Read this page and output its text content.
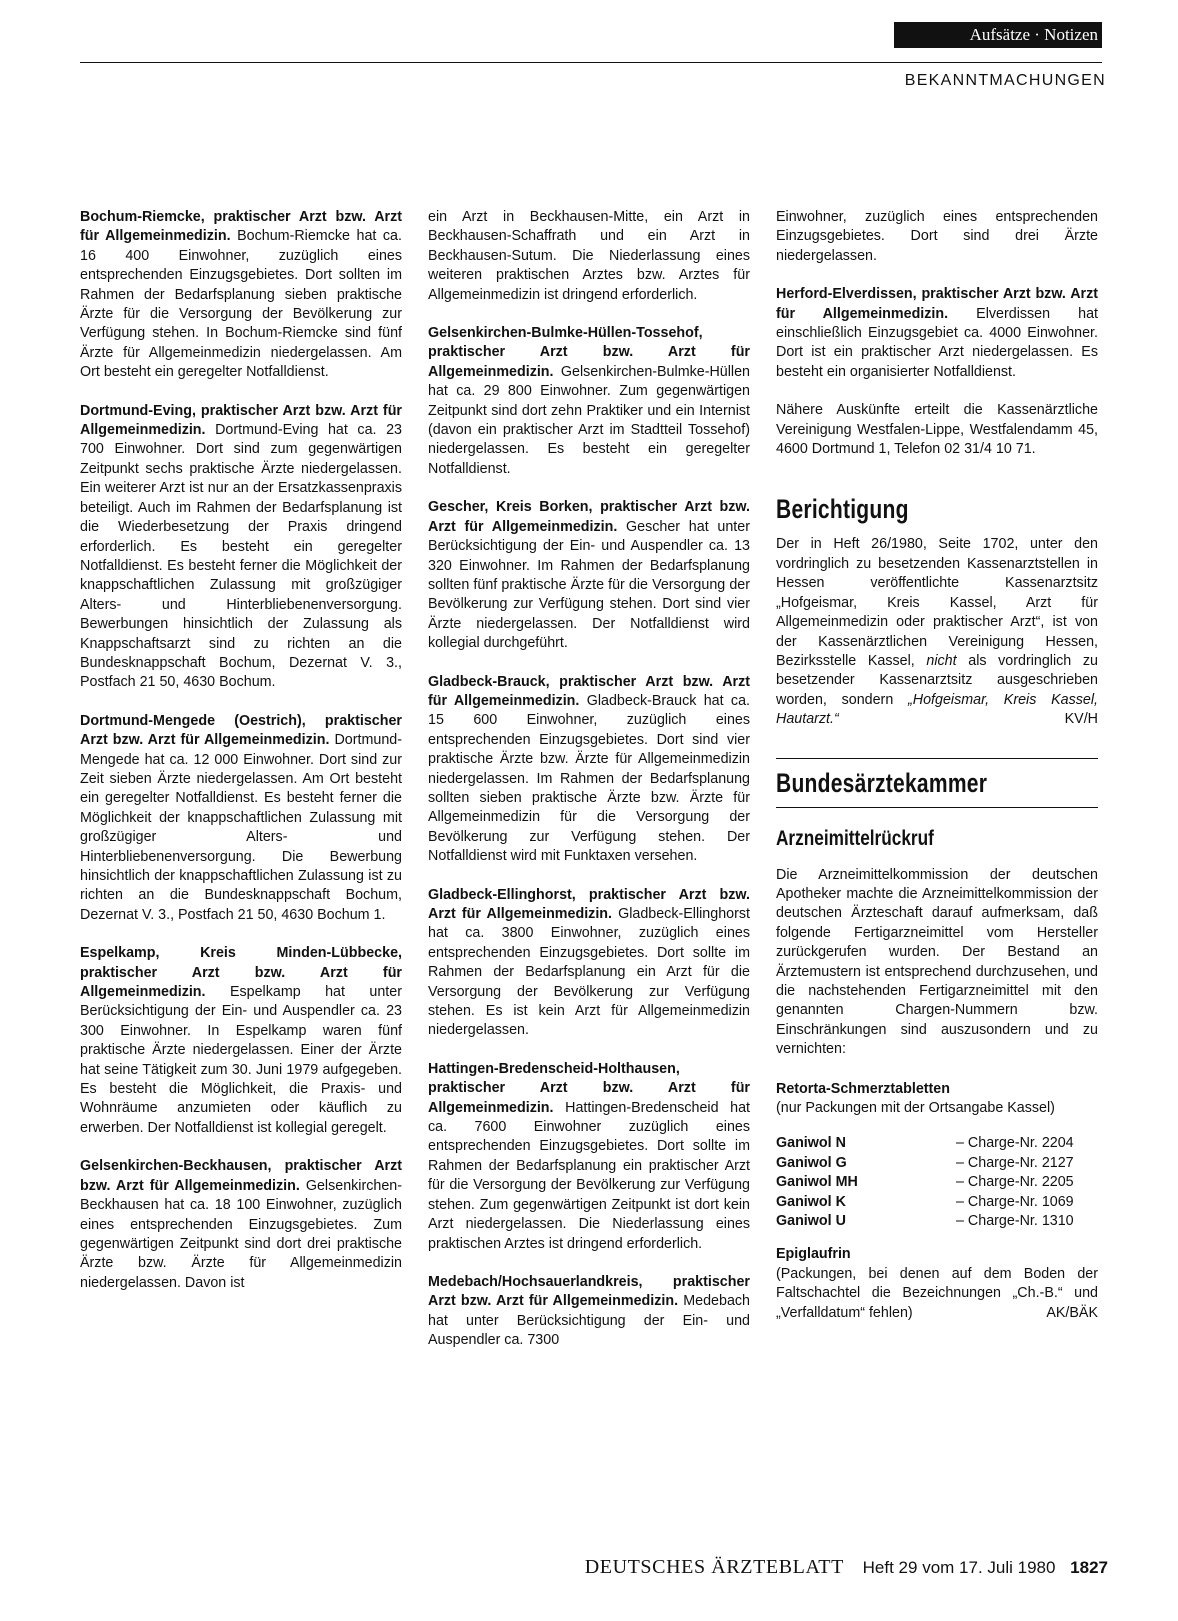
Aufsätze · Notizen
BEKANNTMACHUNGEN

Bochum-Riemcke, praktischer Arzt bzw. Arzt für Allgemeinmedizin. Bochum-Riemcke hat ca. 16 400 Einwohner, zuzüglich eines entsprechenden Einzugsgebietes. Dort sollten im Rahmen der Bedarfsplanung sieben praktische Ärzte für die Versorgung der Bevölkerung zur Verfügung stehen. In Bochum-Riemcke sind fünf Ärzte für Allgemeinmedizin niedergelassen. Am Ort besteht ein geregelter Notfalldienst.

Dortmund-Eving, praktischer Arzt bzw. Arzt für Allgemeinmedizin. Dortmund-Eving hat ca. 23 700 Einwohner. Dort sind zum gegenwärtigen Zeitpunkt sechs praktische Ärzte niedergelassen. Ein weiterer Arzt ist nur an der Ersatzkassenpraxis beteiligt. Auch im Rahmen der Bedarfsplanung ist die Wiederbesetzung der Praxis dringend erforderlich. Es besteht ein geregelter Notfalldienst. Es besteht ferner die Möglichkeit der knappschaftlichen Zulassung mit großzügiger Alters- und Hinterbliebenenversorgung. Bewerbungen hinsichtlich der Zulassung als Knappschaftsarzt sind zu richten an die Bundesknappschaft Bochum, Dezernat V. 3., Postfach 21 50, 4630 Bochum.

Dortmund-Mengede (Oestrich), praktischer Arzt bzw. Arzt für Allgemeinmedizin. Dortmund-Mengede hat ca. 12 000 Einwohner. Dort sind zur Zeit sieben Ärzte niedergelassen. Am Ort besteht ein geregelter Notfalldienst. Es besteht ferner die Möglichkeit der knappschaftlichen Zulassung mit großzügiger Alters- und Hinterbliebenenversorgung. Die Bewerbung hinsichtlich der knappschaftlichen Zulassung ist zu richten an die Bundesknappschaft Bochum, Dezernat V. 3., Postfach 21 50, 4630 Bochum 1.

Espelkamp, Kreis Minden-Lübbecke, praktischer Arzt bzw. Arzt für Allgemeinmedizin. Espelkamp hat unter Berücksichtigung der Ein- und Auspendler ca. 23 300 Einwohner. In Espelkamp waren fünf praktische Ärzte niedergelassen. Einer der Ärzte hat seine Tätigkeit zum 30. Juni 1979 aufgegeben. Es besteht die Möglichkeit, die Praxis- und Wohnräume anzumieten oder käuflich zu erwerben. Der Notfalldienst ist kollegial geregelt.

Gelsenkirchen-Beckhausen, praktischer Arzt bzw. Arzt für Allgemeinmedizin. Gelsenkirchen-Beckhausen hat ca. 18 100 Einwohner, zuzüglich eines entsprechenden Einzugsgebietes. Zum gegenwärtigen Zeitpunkt sind dort drei praktische Ärzte bzw. Ärzte für Allgemeinmedizin niedergelassen. Davon ist

ein Arzt in Beckhausen-Mitte, ein Arzt in Beckhausen-Schaffrath und ein Arzt in Beckhausen-Sutum. Die Niederlassung eines weiteren praktischen Arztes bzw. Arztes für Allgemeinmedizin ist dringend erforderlich.

Gelsenkirchen-Bulmke-Hüllen-Tossehof, praktischer Arzt bzw. Arzt für Allgemeinmedizin. Gelsenkirchen-Bulmke-Hüllen hat ca. 29 800 Einwohner. Zum gegenwärtigen Zeitpunkt sind dort zehn Praktiker und ein Internist (davon ein praktischer Arzt im Stadtteil Tossehof) niedergelassen. Es besteht ein geregelter Notfalldienst.

Gescher, Kreis Borken, praktischer Arzt bzw. Arzt für Allgemeinmedizin. Gescher hat unter Berücksichtigung der Ein- und Auspendler ca. 13 320 Einwohner. Im Rahmen der Bedarfsplanung sollten fünf praktische Ärzte für die Versorgung der Bevölkerung zur Verfügung stehen. Dort sind vier Ärzte niedergelassen. Der Notfalldienst wird kollegial durchgeführt.

Gladbeck-Brauck, praktischer Arzt bzw. Arzt für Allgemeinmedizin. Gladbeck-Brauck hat ca. 15 600 Einwohner, zuzüglich eines entsprechenden Einzugsgebietes. Dort sind vier praktische Ärzte bzw. Ärzte für Allgemeinmedizin niedergelassen. Im Rahmen der Bedarfsplanung sollten sieben praktische Ärzte bzw. Ärzte für Allgemeinmedizin für die Versorgung der Bevölkerung zur Verfügung stehen. Der Notfalldienst wird mit Funktaxen versehen.

Gladbeck-Ellinghorst, praktischer Arzt bzw. Arzt für Allgemeinmedizin. Gladbeck-Ellinghorst hat ca. 3800 Einwohner, zuzüglich eines entsprechenden Einzugsgebietes. Dort sollte im Rahmen der Bedarfsplanung ein Arzt für die Versorgung der Bevölkerung zur Verfügung stehen. Es ist kein Arzt für Allgemeinmedizin niedergelassen.

Hattingen-Bredenscheid-Holthausen, praktischer Arzt bzw. Arzt für Allgemeinmedizin. Hattingen-Bredenscheid hat ca. 7600 Einwohner zuzüglich eines entsprechenden Einzugsgebietes. Dort sollte im Rahmen der Bedarfsplanung ein praktischer Arzt für die Versorgung der Bevölkerung zur Verfügung stehen. Zum gegenwärtigen Zeitpunkt ist dort kein Arzt niedergelassen. Die Niederlassung eines praktischen Arztes ist dringend erforderlich.

Medebach/Hochsauerlandkreis, praktischer Arzt bzw. Arzt für Allgemeinmedizin. Medebach hat unter Berücksichtigung der Ein- und Auspendler ca. 7300

Einwohner, zuzüglich eines entsprechenden Einzugsgebietes. Dort sind drei Ärzte niedergelassen.

Herford-Elverdissen, praktischer Arzt bzw. Arzt für Allgemeinmedizin. Elverdissen hat einschließlich Einzugsgebiet ca. 4000 Einwohner. Dort ist ein praktischer Arzt niedergelassen. Es besteht ein organisierter Notfalldienst.

Nähere Auskünfte erteilt die Kassenärztliche Vereinigung Westfalen-Lippe, Westfalendamm 45, 4600 Dortmund 1, Telefon 02 31/4 10 71.

Berichtigung

Der in Heft 26/1980, Seite 1702, unter den vordringlich zu besetzenden Kassenarztstellen in Hessen veröffentlichte Kassenarztsitz „Hofgeismar, Kreis Kassel, Arzt für Allgemeinmedizin oder praktischer Arzt“, ist von der Kassenärztlichen Vereinigung Hessen, Bezirksstelle Kassel, nicht als vordringlich zu besetzender Kassenarztsitz ausgeschrieben worden, sondern „Hofgeismar, Kreis Kassel, Hautarzt.“	KV/H

Bundesärztekammer
Arzneimittelrückruf

Die Arzneimittelkommission der deutschen Apotheker machte die Arzneimittelkommission der deutschen Ärzteschaft darauf aufmerksam, daß folgende Fertigarzneimittel vom Hersteller zurückgerufen wurden. Der Bestand an Ärztemustern ist entsprechend durchzusehen, und die nachstehenden Fertigarzneimittel mit den genannten Chargen-Nummern bzw. Einschränkungen sind auszusondern und zu vernichten:

Retorta-Schmerztabletten

(nur Packungen mit der Ortsangabe Kassel)

Ganiwol N	– Charge-Nr. 2204
Ganiwol G	– Charge-Nr. 2127
Ganiwol MH	– Charge-Nr. 2205
Ganiwol K	– Charge-Nr. 1069
Ganiwol U	– Charge-Nr. 1310

Epiglaufrin

(Packungen, bei denen auf dem Boden der Faltschachtel die Bezeichnungen „Ch.-B.“ und „Verfalldatum“ fehlen)	AK/BÄK

DEUTSCHES ÄRZTEBLATT Heft 29 vom 17. Juli 1980 1827
